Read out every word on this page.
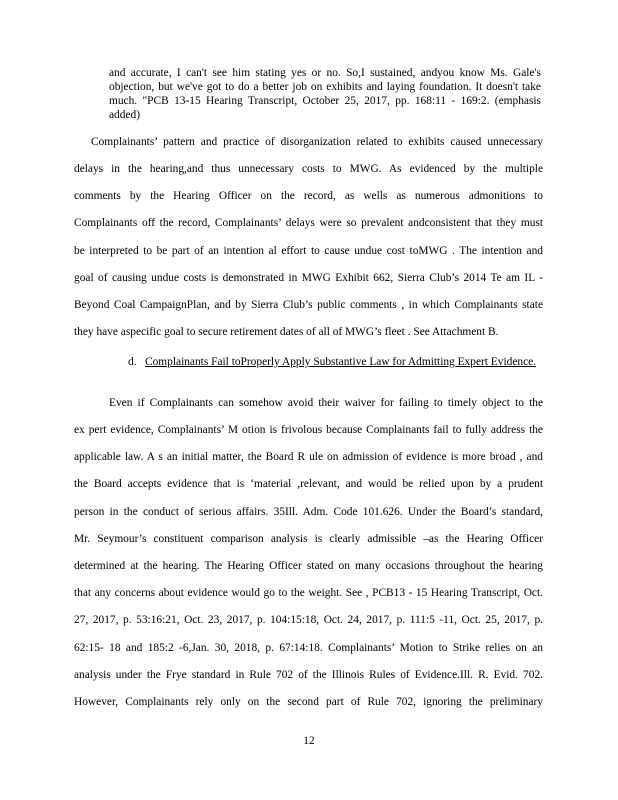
and accurate, I can't see him stating yes or no. So,I sustained, andyou know Ms. Gale's objection, but we've got to do a better job on exhibits and laying foundation. It doesn't take much. "PCB 13-15 Hearing Transcript, October 25, 2017, pp. 168:11 - 169:2. (emphasis added)
Complainants’ pattern and practice of disorganization related to exhibits caused unnecessary
delays in the hearing,and thus unnecessary costs to MWG. As evidenced by the multiple
comments by the Hearing Officer on the record, as wells as numerous admonitions to
Complainants off the record, Complainants’ delays were so prevalent andconsistent that they must
be interpreted to be part of an intention al effort to cause undue cost toMWG . The intention and
goal of causing undue costs is demonstrated in MWG Exhibit 662, Sierra Club’s 2014 Te am IL -
Beyond Coal CampaignPlan, and by Sierra Club’s public comments , in which Complainants state
they have aspecific goal to secure retirement dates of all of MWG’s fleet . See Attachment B.
d. Complainants Fail toProperly Apply Substantive Law for Admitting Expert Evidence.
Even if Complainants can somehow avoid their waiver for failing to timely object to the
ex pert evidence, Complainants’ M otion is frivolous because Complainants fail to fully address the
applicable law. A s an initial matter, the Board R ule on admission of evidence is more broad , and
the Board accepts evidence that is ‘material ,relevant, and would be relied upon by a prudent
person in the conduct of serious affairs. 35Ill. Adm. Code 101.626. Under the Board’s standard,
Mr. Seymour’s constituent comparison analysis is clearly admissible –as the Hearing Officer
determined at the hearing. The Hearing Officer stated on many occasions throughout the hearing
that any concerns about evidence would go to the weight. See , PCB13 - 15 Hearing Transcript, Oct.
27, 2017, p. 53:16:21, Oct. 23, 2017, p. 104:15:18, Oct. 24, 2017, p. 111:5 -11, Oct. 25, 2017, p.
62:15- 18 and 185:2 -6,Jan. 30, 2018, p. 67:14:18. Complainants’ Motion to Strike relies on an
analysis under the Frye standard in Rule 702 of the Illinois Rules of Evidence.Ill. R. Evid. 702.
However, Complainants rely only on the second part of Rule 702, ignoring the preliminary
12
